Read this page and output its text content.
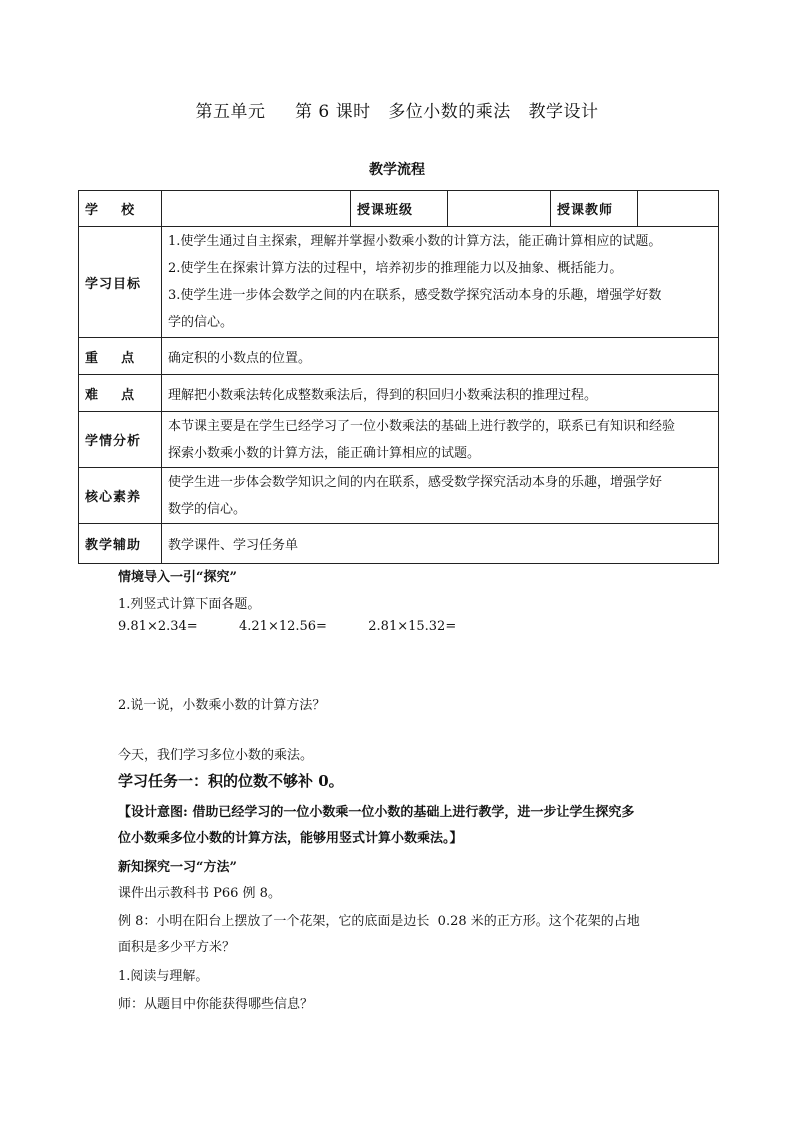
第五单元     第 6 课时   多位小数的乘法   教学设计
教学流程
学    校		授课班级		授课教师	
学习目标	1.使学生通过自主探索，理解并掌握小数乘小数的计算方法，能正确计算相应的试题。
2.使学生在探索计算方法的过程中，培养初步的推理能力以及抽象、概括能力。
3.使学生进一步体会数学之间的内在联系，感受数学探究活动本身的乐趣，增强学好数
学的信心。				

重    点	确定积的小数点的位置。				

难    点	理解把小数乘法转化成整数乘法后，得到的积回归小数乘法积的推理过程。				
学情分析	本节课主要是在学生已经学习了一位小数乘法的基础上进行教学的，联系已有知识和经验
探索小数乘小数的计算方法，能正确计算相应的试题。				

核心素养	使学生进一步体会数学知识之间的内在联系，感受数学探究活动本身的乐趣，增强学好
数学的信心。				

教学辅助	教学课件、学习任务单				
情境导入一引“探究”
1.列竖式计算下面各题。
9.81×2.34=          4.21×12.56=          2.81×15.32=
2.说一说，小数乘小数的计算方法？
今天，我们学习多位小数的乘法。
学习任务一：积的位数不够补 0。
【设计意图: 借助已经学习的一位小数乘一位小数的基础上进行教学，进一步让学生探究多
位小数乘多位小数的计算方法，能够用竖式计算小数乘法。】
新知探究一习“方法”
课件出示教科书 P66 例 8。
例 8：小明在阳台上摆放了一个花架，它的底面是边长  0.28 米的正方形。这个花架的占地
面积是多少平方米？
1.阅读与理解。
师：从题目中你能获得哪些信息？
